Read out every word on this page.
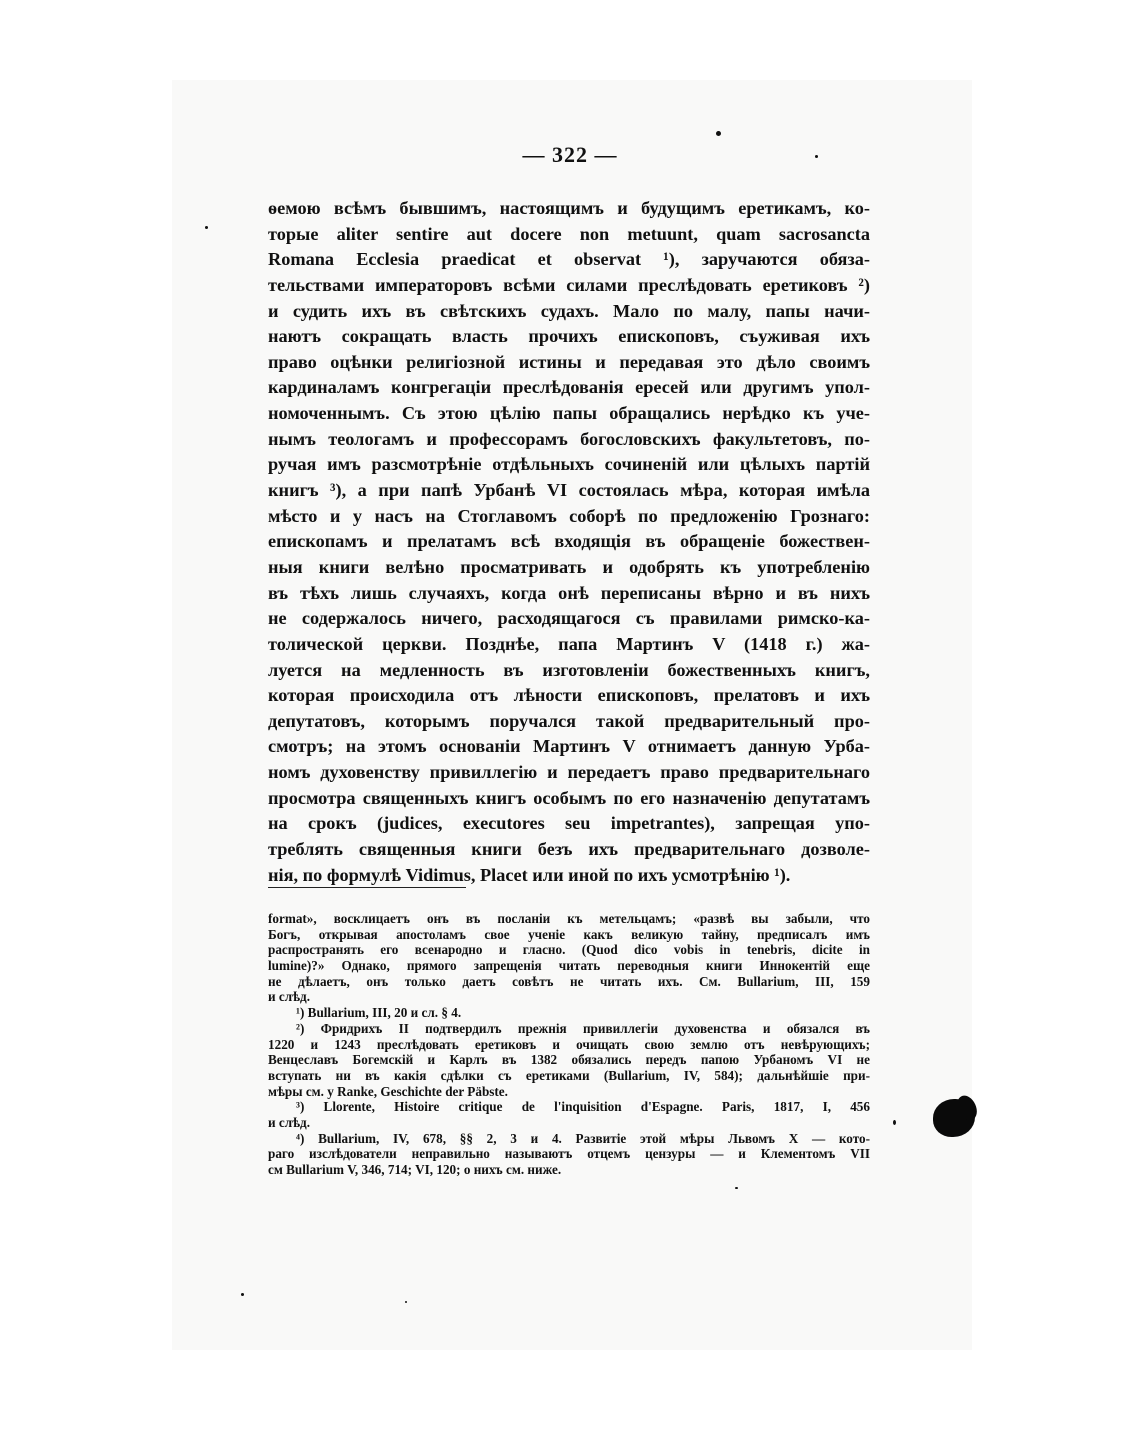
— 322 —
ѳемою всѣмъ бывшимъ, настоящимъ и будущимъ еретикамъ, ко-
торые aliter sentire aut docere non metuunt, quam sacrosancta
Romana Ecclesia praedicat et observat ¹), заручаются обяза-
тельствами императоровъ всѣми силами преслѣдовать еретиковъ ²)
и судить ихъ въ свѣтскихъ судахъ. Мало по малу, папы начи-
наютъ сокращать власть прочихъ епископовъ, съуживая ихъ
право оцѣнки религiозной истины и передавая это дѣло своимъ
кардиналамъ конгрегацiи преслѣдованiя ересей или другимъ упол-
номоченнымъ. Съ этою цѣлiю папы обращались нерѣдко къ уче-
нымъ теологамъ и профессорамъ богословскихъ факультетовъ, по-
ручая имъ разсмотрѣнiе отдѣльныхъ сочиненiй или цѣлыхъ партiй
книгъ ³), а при папѣ Урбанѣ VI состоялась мѣра, которая имѣла
мѣсто и у насъ на Стоглавомъ соборѣ по предложенiю Грознаго:
епископамъ и прелатамъ всѣ входящiя въ обращенiе божествен-
ныя книги велѣно просматривать и одобрять къ употребленiю
въ тѣхъ лишь случаяхъ, когда онѣ переписаны вѣрно и въ нихъ
не содержалось ничего, расходящагося съ правилами римско-ка-
толической церкви. Позднѣе, папа Мартинъ V (1418 г.) жа-
луется на медленность въ изготовленiи божественныхъ книгъ,
которая происходила отъ лѣности епископовъ, прелатовъ и ихъ
депутатовъ, которымъ поручался такой предварительный про-
смотръ; на этомъ основанiи Мартинъ V отнимаетъ данную Урба-
номъ духовенству привиллегiю и передаетъ право предварительнаго
просмотра священныхъ книгъ особымъ по его назначенiю депутатамъ
на срокъ (judices, executores seu impetrantes), запрещая упо-
треблять священныя книги безъ ихъ предварительнаго дозволе-
нiя, по формулѣ Vidimus, Placet или иной по ихъ усмотрѣнiю ¹).
format», восклицаетъ онъ въ посланiи къ метельцамъ; «развѣ вы забыли, что
Богъ, открывая апостоламъ свое ученiе какъ великую тайну, предписалъ имъ
распространять его всенародно и гласно. (Quod dico vobis in tenebris, dicite in
lumine)?» Однако, прямого запрещенiя читать переводныя книги Иннокентiй еще
не дѣлаетъ, онъ только даетъ совѣтъ не читать ихъ. См. Bullarium, III, 159
и слѣд.
¹) Bullarium, III, 20 и сл. § 4.
²) Фридрихъ II подтвердилъ прежнiя привиллегiи духовенства и обязался въ
1220 и 1243 преслѣдовать еретиковъ и очищать свою землю отъ невѣрующихъ;
Венцеславъ Богемскiй и Карлъ въ 1382 обязались передъ папою Урбаномъ VI не
вступать ни въ какiя сдѣлки съ еретиками (Bullarium, IV, 584); дальнѣйшiе при-
мѣры см. у Ranke, Geschichte der Päbste.
³) Llorente, Histoire critique de l'inquisition d'Espagne. Paris, 1817, I, 456
и слѣд.
⁴) Bullarium, IV, 678, §§ 2, 3 и 4. Развитiе этой мѣры Львомъ X — кото-
раго изслѣдователи неправильно называютъ отцемъ цензуры — и Клементомъ VII
см Bullarium V, 346, 714; VI, 120; о нихъ см. ниже.
